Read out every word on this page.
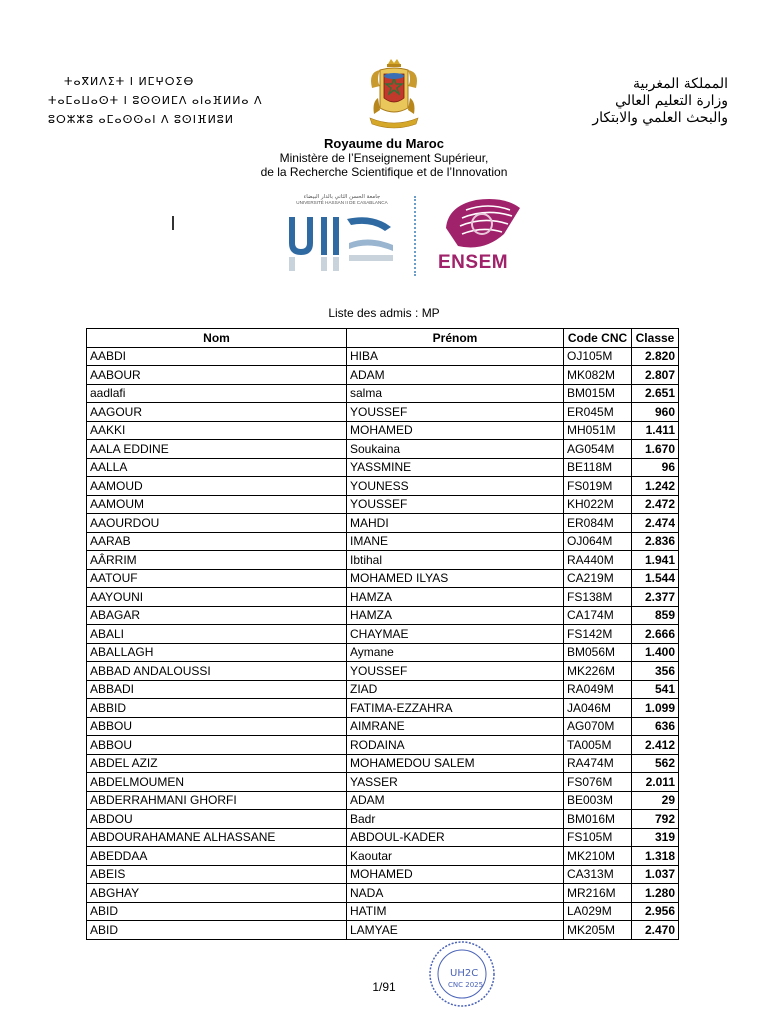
ⵜⴰⴳⵍⴷⵉⵜ ⵏ ⵍⵎⵖⵔⵉⴱ
ⵜⴰⵎⴰⵡⴰⵙⵜ ⵏ ⵓⵙⵙⵍⵎⴷ ⴰⵏⴰⴼⵍⵍⴰ ⴷ
ⵓⵔⵣⵣⵓ ⴰⵎⴰⵙⵙⴰⵏ ⴷ ⵓⵙⵏⴼⵍⵓⵍ
المملكة المغربية
وزارة التعليم العالي
والبحث العلمي والابتكار
Royaume du Maroc
Ministère de l’Enseignement Supérieur,
de la Recherche Scientifique et de l’Innovation
جامعة الحسن الثاني بالدار البيضاء
UNIVERSITÉ HASSAN II DE CASABLANCA
ENSEM
Liste des admis : MP
Nom	Prénom	Code CNC	Classe
AABDI	HIBA	OJ105M	2.820
AABOUR	ADAM	MK082M	2.807
aadlafi	salma	BM015M	2.651
AAGOUR	YOUSSEF	ER045M	960
AAKKI	MOHAMED	MH051M	1.411
AALA EDDINE	Soukaina	AG054M	1.670
AALLA	YASSMINE	BE118M	96
AAMOUD	YOUNESS	FS019M	1.242
AAMOUM	YOUSSEF	KH022M	2.472
AAOURDOU	MAHDI	ER084M	2.474
AARAB	IMANE	OJ064M	2.836
AÂRRIM	Ibtihal	RA440M	1.941
AATOUF	MOHAMED ILYAS	CA219M	1.544
AAYOUNI	HAMZA	FS138M	2.377
ABAGAR	HAMZA	CA174M	859
ABALI	CHAYMAE	FS142M	2.666
ABALLAGH	Aymane	BM056M	1.400
ABBAD ANDALOUSSI	YOUSSEF	MK226M	356
ABBADI	ZIAD	RA049M	541
ABBID	FATIMA-EZZAHRA	JA046M	1.099
ABBOU	AIMRANE	AG070M	636
ABBOU	RODAINA	TA005M	2.412
ABDEL AZIZ	MOHAMEDOU SALEM	RA474M	562
ABDELMOUMEN	YASSER	FS076M	2.011
ABDERRAHMANI GHORFI	ADAM	BE003M	29
ABDOU	Badr	BM016M	792
ABDOURAHAMANE ALHASSANE	ABDOUL-KADER	FS105M	319
ABEDDAA	Kaoutar	MK210M	1.318
ABEIS	MOHAMED	CA313M	1.037
ABGHAY	NADA	MR216M	1.280
ABID	HATIM	LA029M	2.956
ABID	LAMYAE	MK205M	2.470
1/91
UH2C
CNC 2025
